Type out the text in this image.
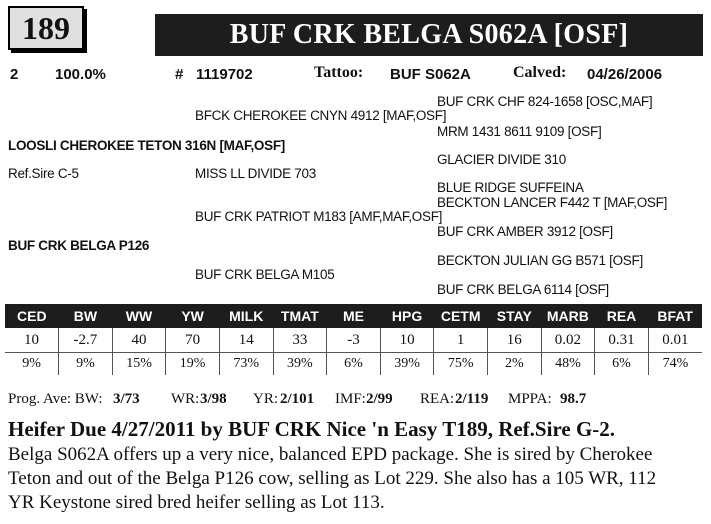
189	BUF CRK BELGA S062A [OSF]
2 100.0%	# 1119702	Tattoo: BUF S062A	Calved: 04/26/2006
BUF CRK CHF 824-1658 [OSC,MAF]
BFCK CHEROKEE CNYN 4912 [MAF,OSF]
MRM 1431 8611 9109 [OSF]
LOOSLI CHEROKEE TETON 316N [MAF,OSF]
GLACIER DIVIDE 310
Ref.Sire C-5	MISS LL DIVIDE 703
BLUE RIDGE SUFFEINA
BECKTON LANCER F442 T [MAF,OSF]
BUF CRK PATRIOT M183 [AMF,MAF,OSF]
BUF CRK AMBER 3912 [OSF]
BUF CRK BELGA P126
BECKTON JULIAN GG B571 [OSF]
BUF CRK BELGA M105
BUF CRK BELGA 6114 [OSF]
CED	BW	WW	YW	MILK	TMAT	ME	HPG	CETM	STAY	MARB	REA	BFAT
10	-2.7	40	70	14	33	-3	10	1	16	0.02	0.31	0.01
9%	9%	15%	19%	73%	39%	6%	39%	75%	2%	48%	6%	74%
Prog. Ave: BW: 3/73 WR: 3/98 YR: 2/101 IMF: 2/99 REA: 2/119 MPPA: 98.7
Heifer Due 4/27/2011 by BUF CRK Nice 'n Easy T189, Ref.Sire G-2.
Belga S062A offers up a very nice, balanced EPD package. She is sired by Cherokee
Teton and out of the Belga P126 cow, selling as Lot 229. She also has a 105 WR, 112
YR Keystone sired bred heifer selling as Lot 113.
